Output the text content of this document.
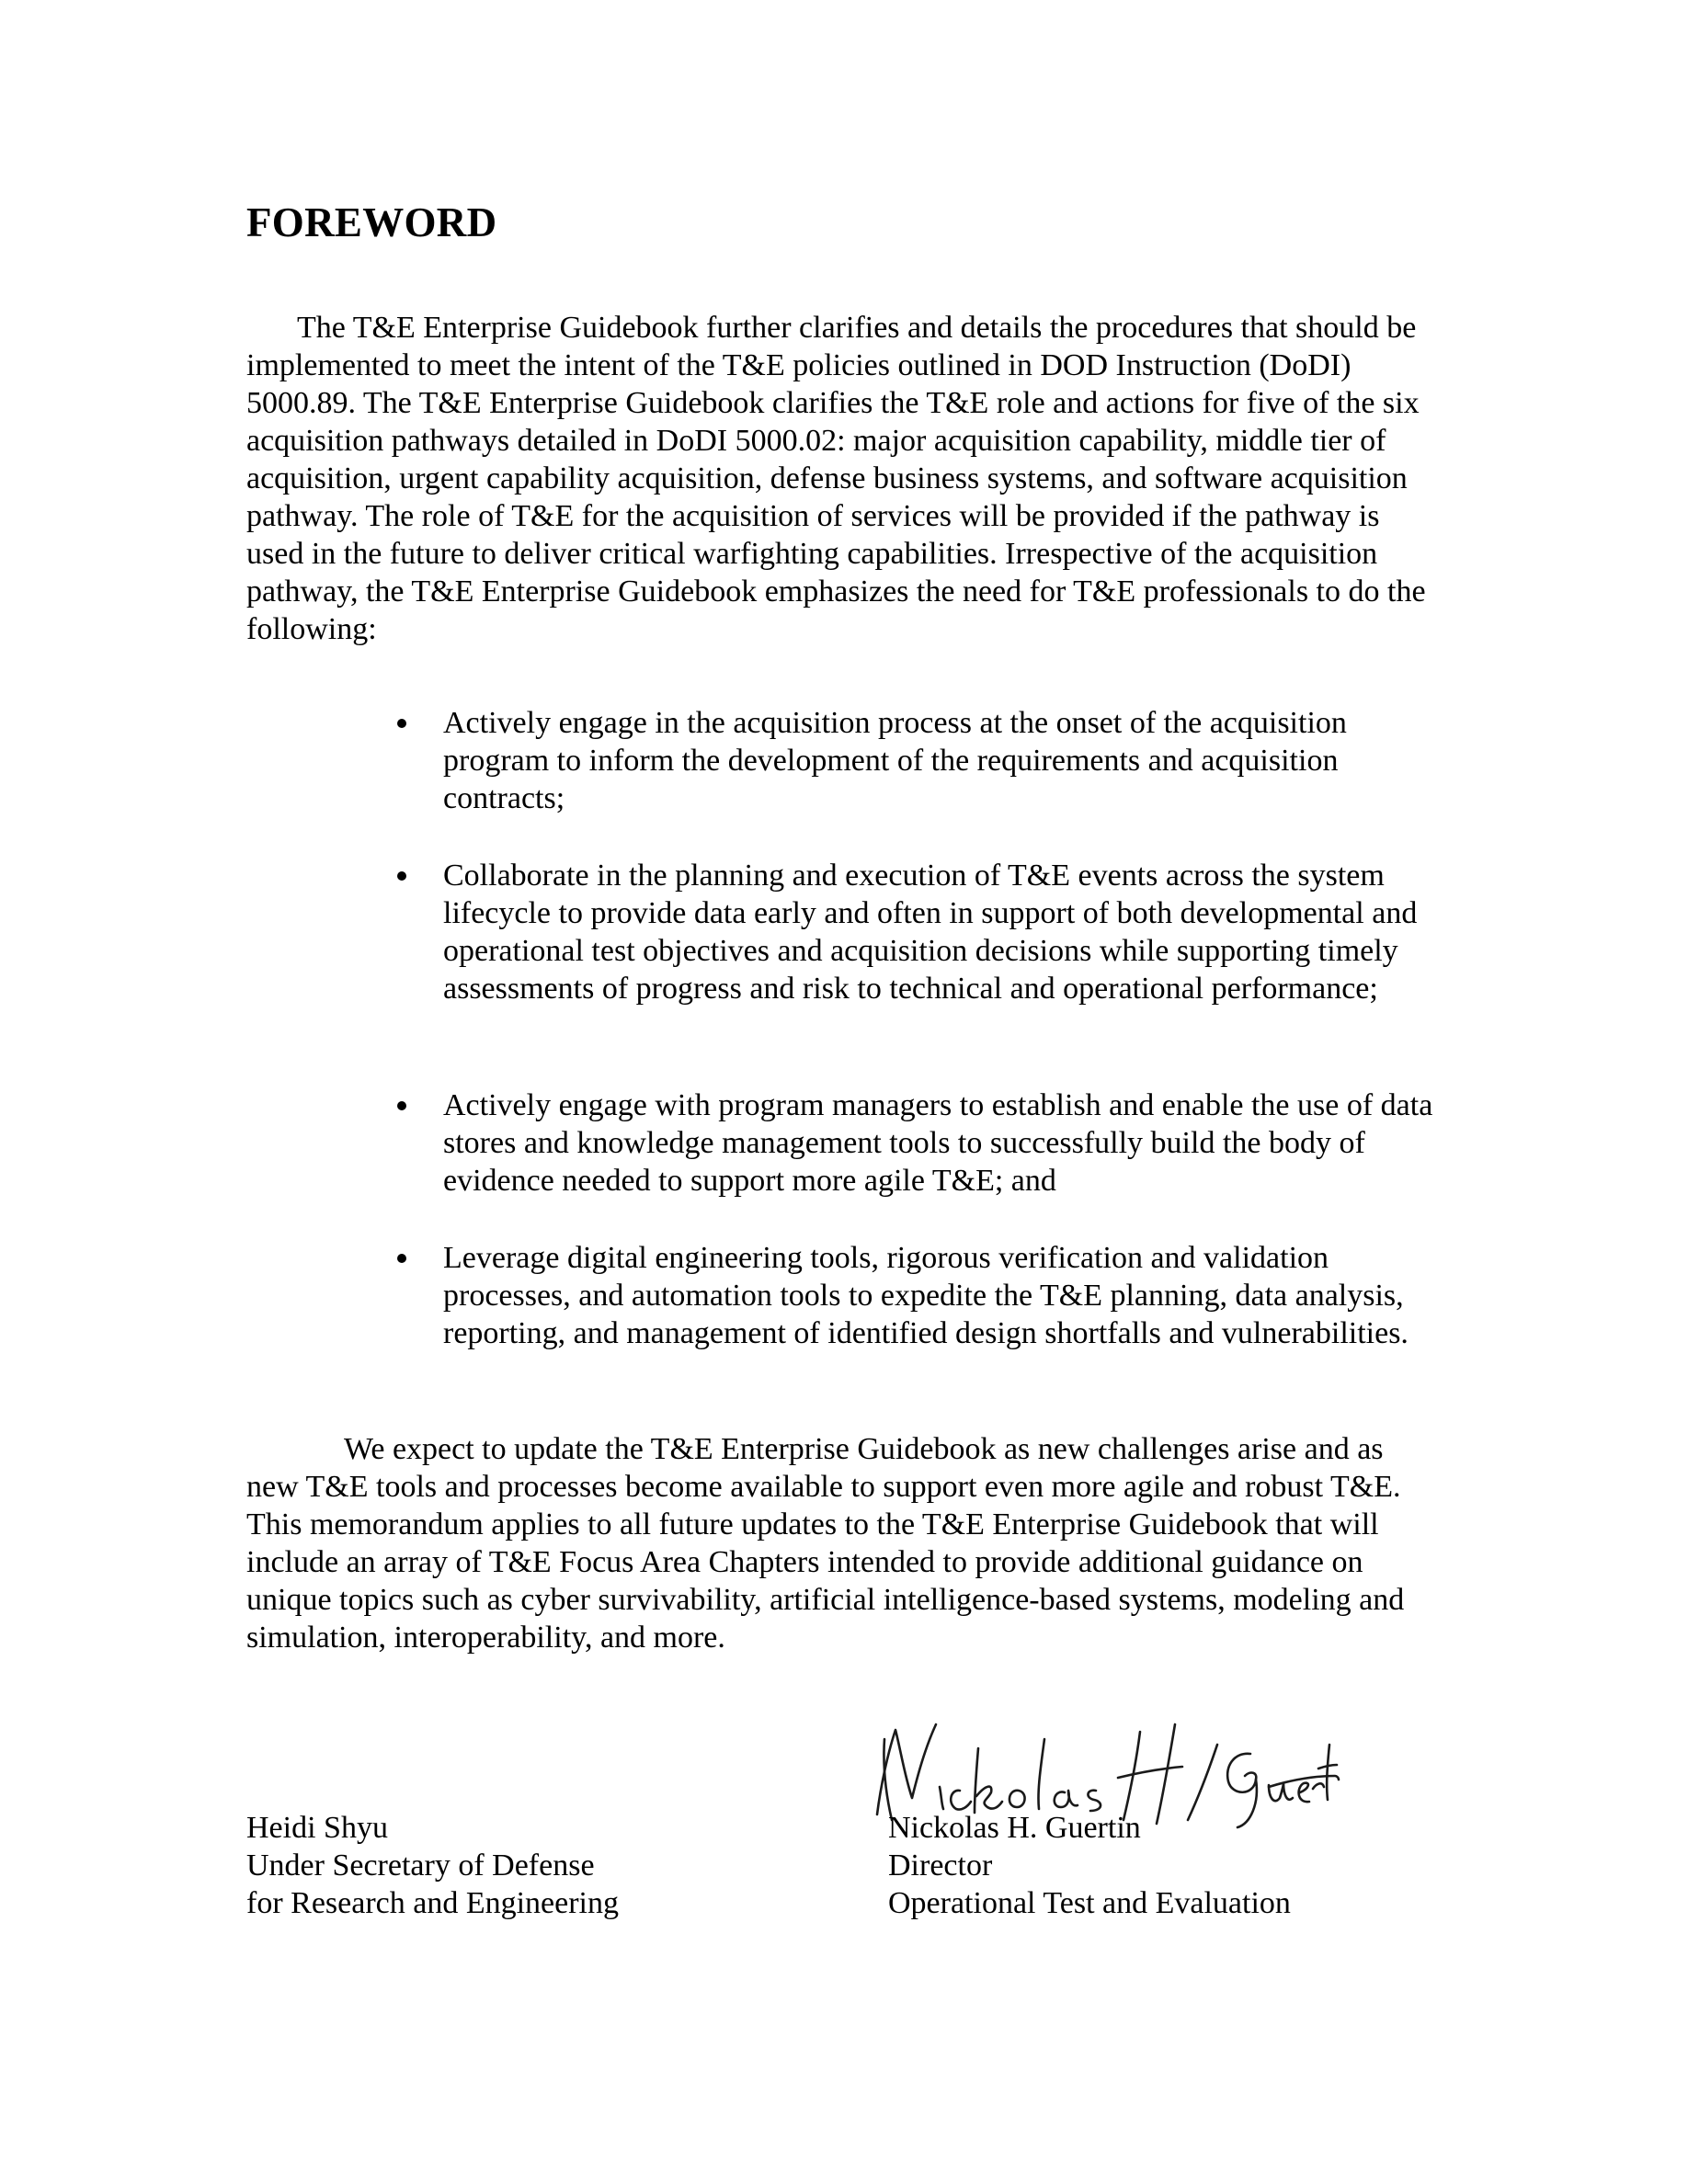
FOREWORD

The T&E Enterprise Guidebook further clarifies and details the procedures that should be implemented to meet the intent of the T&E policies outlined in DOD Instruction (DoDI) 5000.89. The T&E Enterprise Guidebook clarifies the T&E role and actions for five of the six acquisition pathways detailed in DoDI 5000.02: major acquisition capability, middle tier of acquisition, urgent capability acquisition, defense business systems, and software acquisition pathway. The role of T&E for the acquisition of services will be provided if the pathway is used in the future to deliver critical warfighting capabilities. Irrespective of the acquisition pathway, the T&E Enterprise Guidebook emphasizes the need for T&E professionals to do the following:

Actively engage in the acquisition process at the onset of the acquisition program to inform the development of the requirements and acquisition contracts;
Collaborate in the planning and execution of T&E events across the system lifecycle to provide data early and often in support of both developmental and operational test objectives and acquisition decisions while supporting timely assessments of progress and risk to technical and operational performance;
Actively engage with program managers to establish and enable the use of data stores and knowledge management tools to successfully build the body of evidence needed to support more agile T&E; and
Leverage digital engineering tools, rigorous verification and validation processes, and automation tools to expedite the T&E planning, data analysis, reporting, and management of identified design shortfalls and vulnerabilities.

We expect to update the T&E Enterprise Guidebook as new challenges arise and as new T&E tools and processes become available to support even more agile and robust T&E. This memorandum applies to all future updates to the T&E Enterprise Guidebook that will include an array of T&E Focus Area Chapters intended to provide additional guidance on unique topics such as cyber survivability, artificial intelligence-based systems, modeling and simulation, interoperability, and more.

Heidi Shyu
Under Secretary of Defense
for Research and Engineering
Nickolas H. Guertin
Director
Operational Test and Evaluation
